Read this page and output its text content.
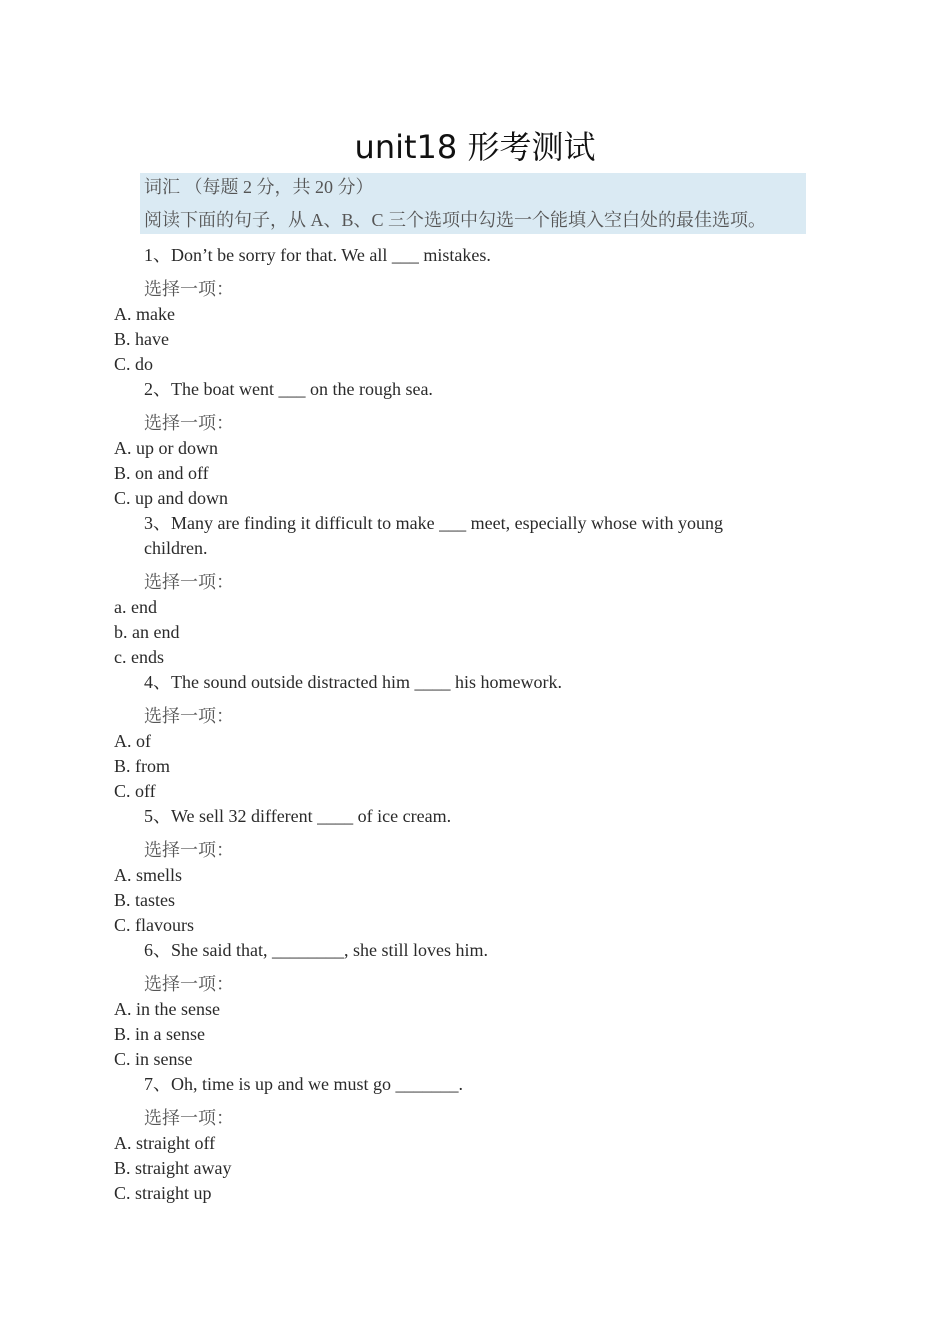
unit18 形考测试
词汇 （每题 2 分，共 20 分）
阅读下面的句子，从 A、B、C 三个选项中勾选一个能填入空白处的最佳选项。

1、Don’t be sorry for that. We all ___ mistakes.

选择一项：

A. make
B. have
C. do

2、The boat went ___ on the rough sea.

选择一项：

A. up or down
B. on and off
C. up and down

3、Many are finding it difficult to make ___ meet, especially whose with young children.

选择一项：

a. end
b. an end
c. ends

4、The sound outside distracted him ____ his homework.

选择一项：

A. of
B. from
C. off

5、We sell 32 different ____ of ice cream.

选择一项：

A. smells
B. tastes
C. flavours

6、She said that, ________, she still loves him.

选择一项：

A. in the sense
B. in a sense
C. in sense

7、Oh, time is up and we must go _______.

选择一项：

A. straight off
B. straight away
C. straight up
